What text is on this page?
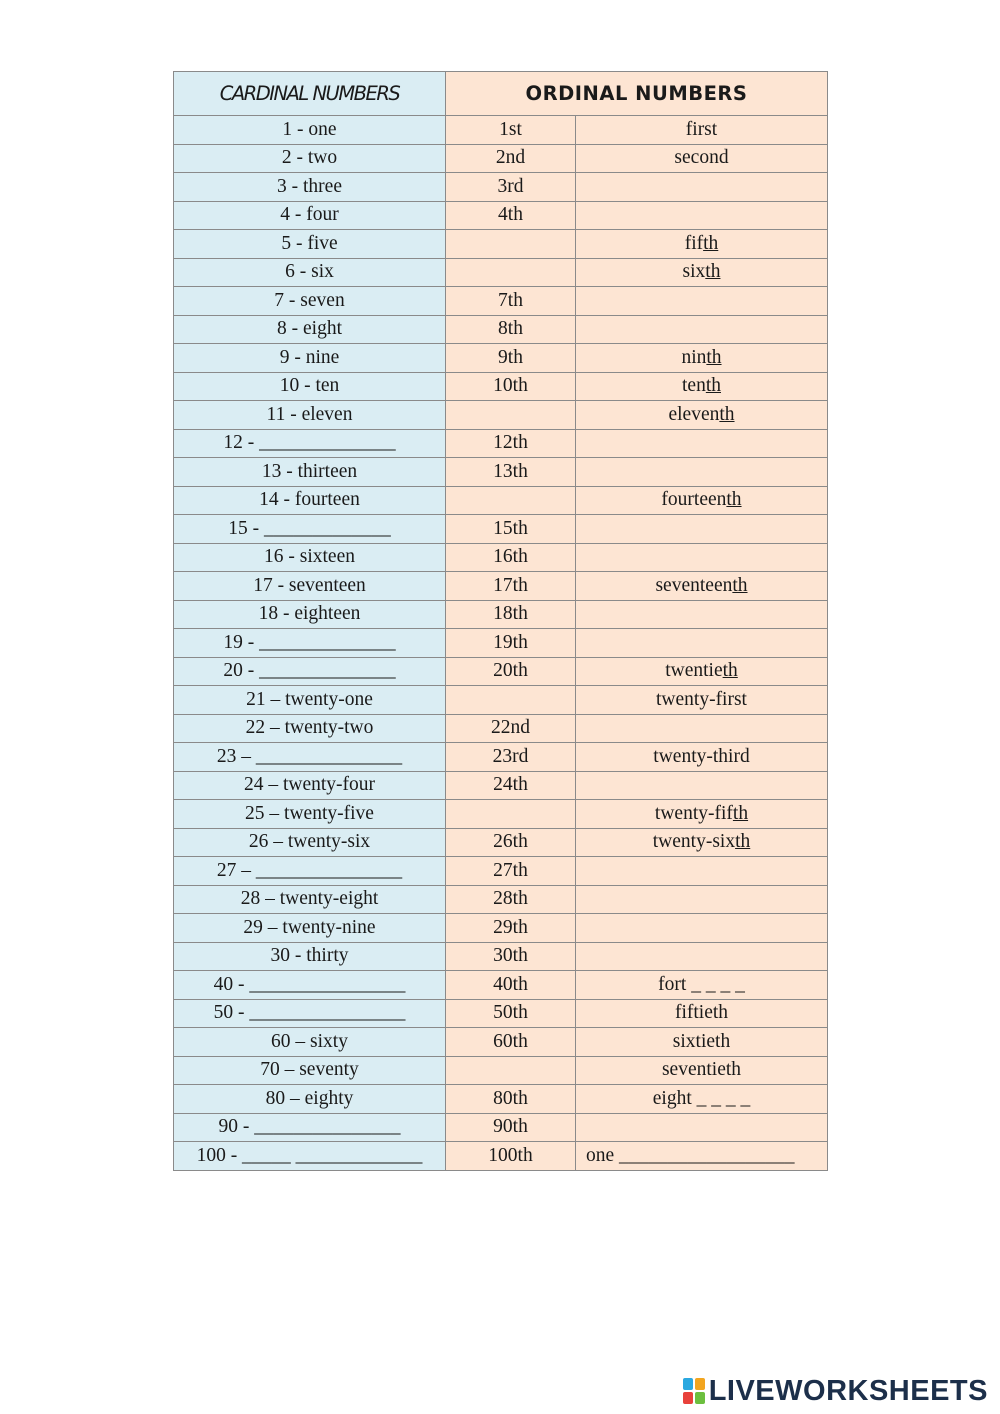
CARDINAL NUMBERS	ORDINAL NUMBERS	
1 - one	1st	first
2 - two	2nd	second
3 - three	3rd	
4 - four	4th	
5 - five		fifth
6 - six		sixth
7 - seven	7th	
8 - eight	8th	
9 - nine	9th	ninth
10 - ten	10th	tenth
11 - eleven		eleventh
12 - ______________	12th	
13 - thirteen	13th	
14 - fourteen		fourteenth
15 - _____________	15th	
16 - sixteen	16th	
17 - seventeen	17th	seventeenth
18 - eighteen	18th	
19 - ______________	19th	
20 - ______________	20th	twentieth
21 – twenty-one		twenty-first
22 – twenty-two	22nd	
23 – _______________	23rd	twenty-third
24 – twenty-four	24th	
25 – twenty-five		twenty-fifth
26 – twenty-six	26th	twenty-sixth
27 – _______________	27th	
28 – twenty-eight	28th	
29 – twenty-nine	29th	
30 - thirty	30th	
40 - ________________	40th	fort _ _ _ _
50 - ________________	50th	fiftieth
60 – sixty	60th	sixtieth
70 – seventy		seventieth
80 – eighty	80th	eight _ _ _ _
90 - _______________	90th	
100 - _____ _____________	100th	one __________________
LIVEWORKSHEETS
